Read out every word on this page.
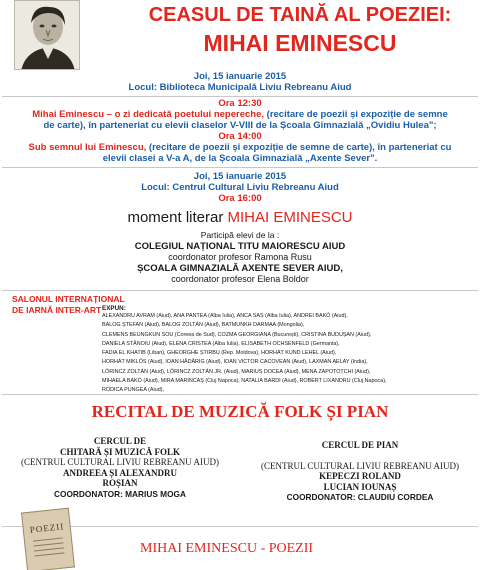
CEASUL DE TAINĂ AL POEZIEI:
MIHAI EMINESCU
Joi, 15 ianuarie 2015
Locul: Biblioteca Municipală Liviu Rebreanu Aiud
Ora 12:30
Mihai Eminescu – o zi dedicată poetului nepereche, (recitare de poezii și expoziție de semne
de carte), în parteneriat cu elevii claselor V-VIII de la Școala Gimnazială „Ovidiu Hulea";
Ora 14:00
Sub semnul lui Eminescu, (recitare de poezii și expoziție de semne de carte), în parteneriat cu
elevii clasei a V-a A, de la Școala Gimnazială „Axente Sever".
Joi, 15 ianuarie 2015
Locul: Centrul Cultural Liviu Rebreanu Aiud
Ora 16:00
moment literar MIHAI EMINESCU
Participă elevi de la :
COLEGIUL NAȚIONAL TITU MAIORESCU AIUD
coordonator profesor Ramona Rusu
ȘCOALA GIMNAZIALĂ AXENTE SEVER AIUD,
coordonator profesor Elena Boldor
SALONUL INTERNAȚIONAL
DE IARNĂ INTER-ART EXPUN:
ALEXANDRU AVRAM (Aiud), ANA PANTEA (Alba Iulia), ANCA SAS (Alba Iulia), ANDREI BAKÓ (Aiud),
BALOG ȘTEFAN (Aiud), BALOG ZOLTÁN (Aiud), BATMUNKH DARMAA (Mongolia),
CLEMENS BEUNGKUN SOU (Coreea de Sud), COZMA GEORGIANA (București), CRISTINA BUDUȘAN (Aiud),
DANIELA STĂNOIU (Aiud), ELENA CRISTEA (Alba Iulia), ELISABETH OCHSENFELD (Germania),
FADIA EL KHATIB (Liban), GHEORGHE ȘTIRBU (Rep. Moldova), HORHÁT KUND LEHEL (Aiud),
HORHÁT MIKLÓS (Aiud), IOAN HĂDĂRIG (Aiud), IOAN VICTOR CACOVEAN (Aiud), LAXMAN AELAY (India),
LŐRINCZ ZOLTÁN (Aiud), LŐRINCZ ZOLTÁN JR. (Aiud), MARIUS DOCEA (Aiud), MENA ZAPOTOȚCHI (Aiud),
MIHAELA BAKÓ (Aiud), MIRA MARINCAȘ (Cluj Napoca), NATALIA BARDI (Aiud), ROBERT LIXANDRU (Cluj Napoca),
RODICA PUNGEA (Aiud),
RECITAL DE MUZICĂ FOLK ȘI PIAN
CERCUL DE
CHITARĂ ȘI MUZICĂ FOLK
(CENTRUL CULTURAL LIVIU REBREANU AIUD)
ANDREEA ȘI ALEXANDRU
ROȘIAN
COORDONATOR: MARIUS MOGA
CERCUL DE PIAN
(CENTRUL CULTURAL LIVIU REBREANU AIUD)
KEPECZI ROLAND
LUCIAN IOUNAȘ
COORDONATOR: CLAUDIU CORDEA
POEZII
MIHAI EMINESCU - POEZII
